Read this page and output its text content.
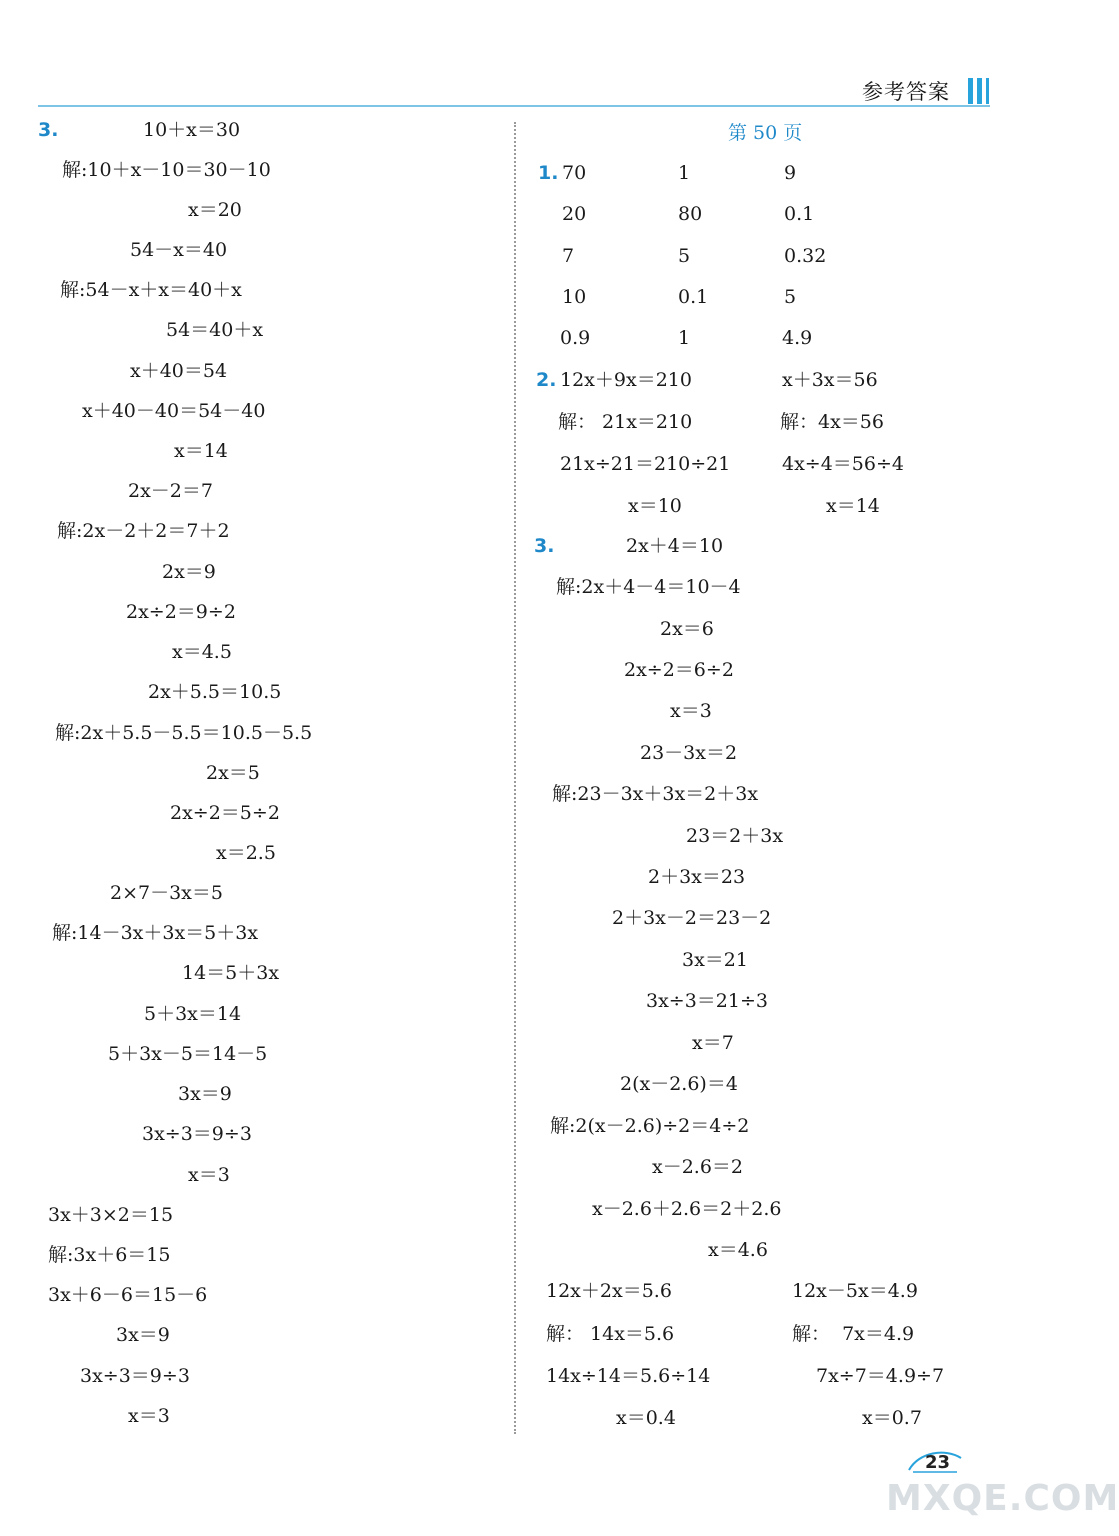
参考答案
3.	10＋x＝30
解:10＋x－10＝30－10
x＝20
54－x＝40
解:54－x＋x＝40＋x
54＝40＋x
x＋40＝54
x＋40－40＝54－40
x＝14
2x－2＝7
解:2x－2＋2＝7＋2
2x＝9
2x÷2＝9÷2
x＝4.5
2x＋5.5＝10.5
解:2x＋5.5－5.5＝10.5－5.5
2x＝5
2x÷2＝5÷2
x＝2.5
2×7－3x＝5
解:14－3x＋3x＝5＋3x
14＝5＋3x
5＋3x＝14
5＋3x－5＝14－5
3x＝9
3x÷3＝9÷3
x＝3
3x＋3×2＝15
解:3x＋6＝15
3x＋6－6＝15－6
3x＝9
3x÷3＝9÷3
x＝3
第 50 页
1. 70	1	9
20	80	0.1
7	5	0.32
10	0.1	5
0.9	1	4.9
2. 12x＋9x＝210
解： 21x＝210
21x÷21＝210÷21
x＝10
x＋3x＝56
解：4x＝56
4x÷4＝56÷4
x＝14
3.	2x＋4＝10
解:2x＋4－4＝10－4
2x＝6
2x÷2＝6÷2
x＝3
23－3x＝2
解:23－3x＋3x＝2＋3x
23＝2＋3x
2＋3x＝23
2＋3x－2＝23－2
3x＝21
3x÷3＝21÷3
x＝7
2(x－2.6)＝4
解:2(x－2.6)÷2＝4÷2
x－2.6＝2
x－2.6＋2.6＝2＋2.6
x＝4.6
12x＋2x＝5.6
解： 14x＝5.6
14x÷14＝5.6÷14
x＝0.4
12x－5x＝4.9
解：  7x＝4.9
7x÷7＝4.9÷7
x＝0.7
23
MXQE.COM
